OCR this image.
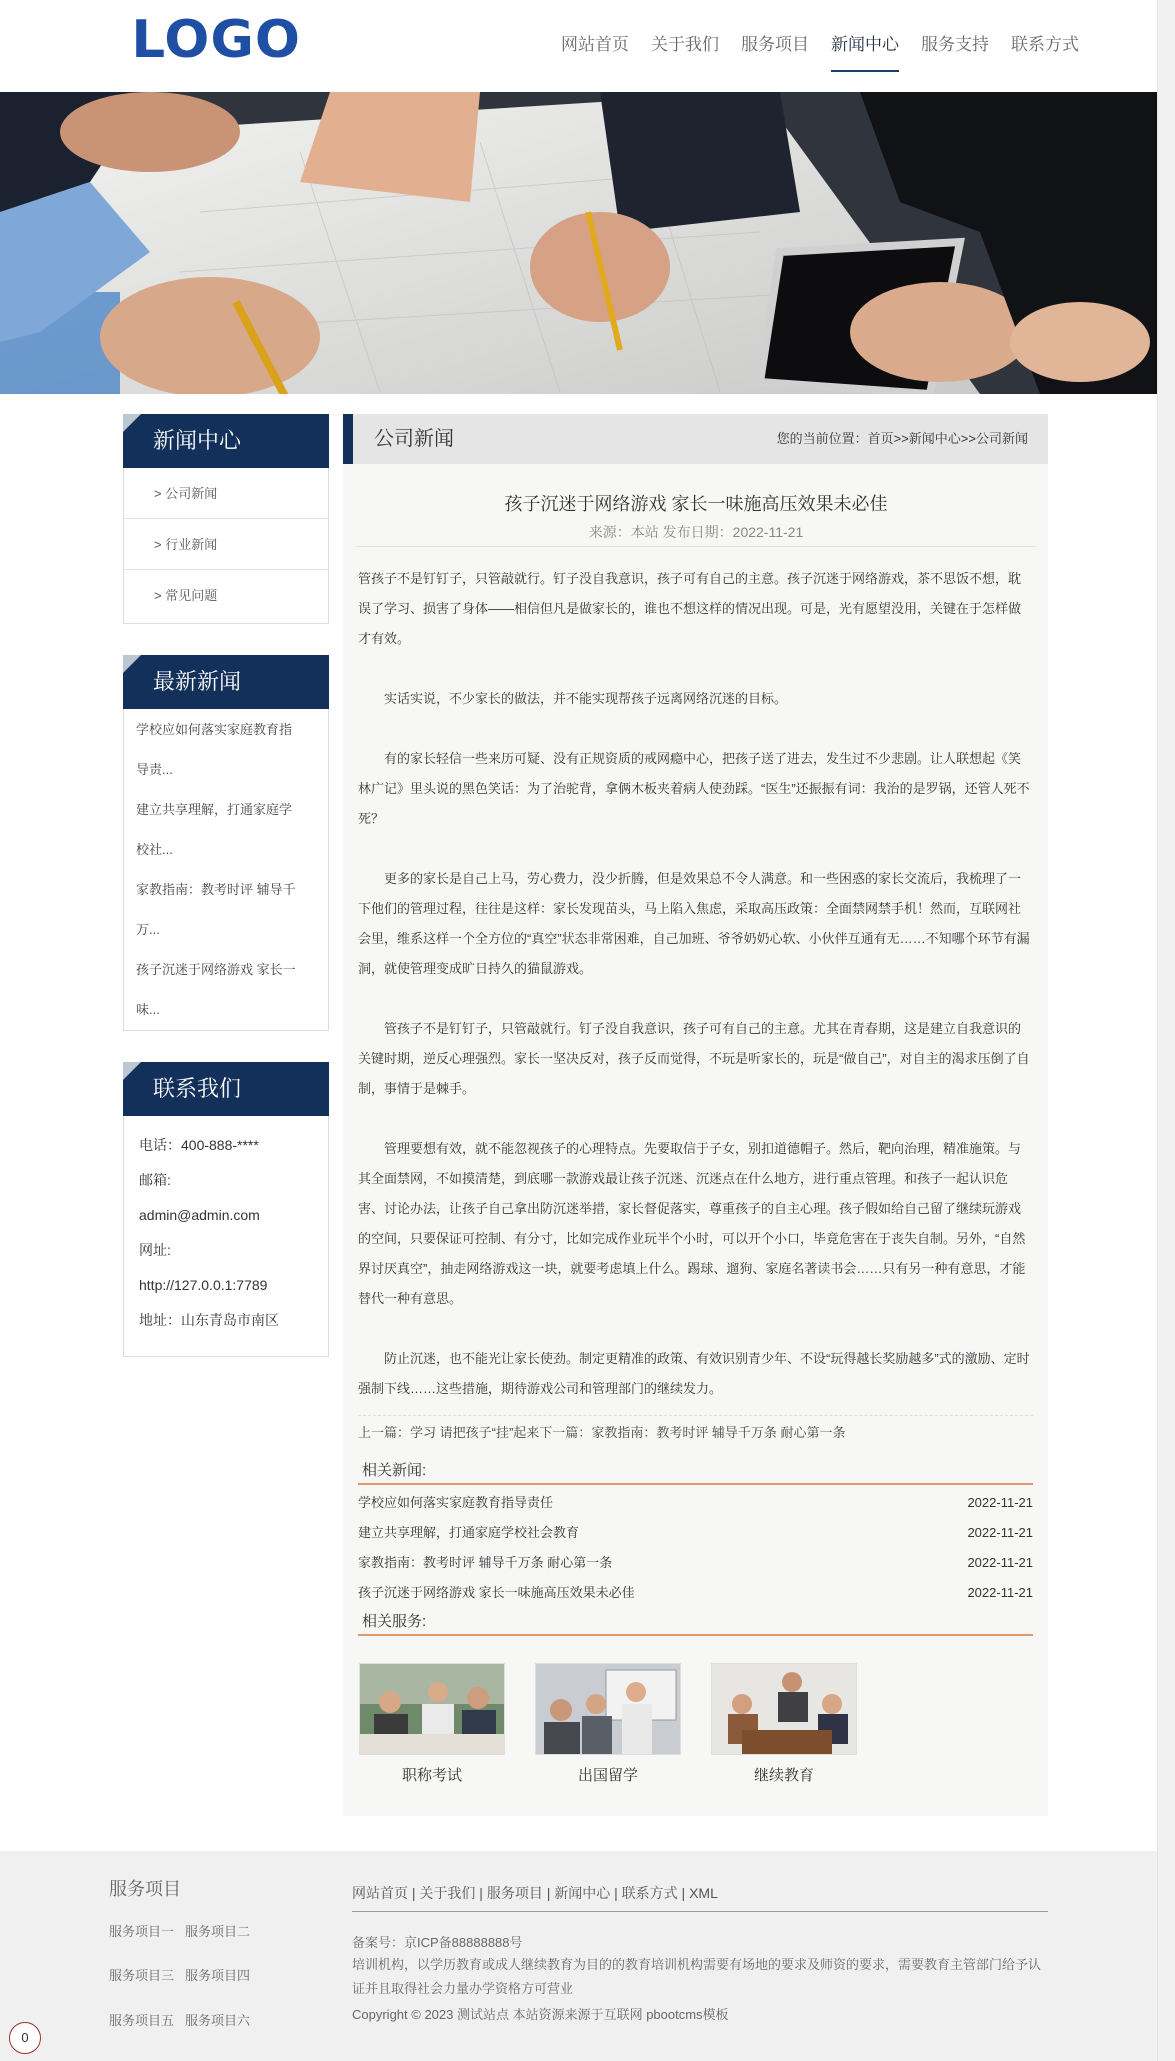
LOGO	网站首页 关于我们 服务项目 新闻中心 服务支持 联系方式
新闻中心
> 公司新闻
> 行业新闻
> 常见问题
最新新闻
学校应如何落实家庭教育指导责...
建立共享理解，打通家庭学校社...
家教指南：教考时评 辅导千万...
孩子沉迷于网络游戏 家长一味...
联系我们
电话：400-888-****
邮箱:
admin@admin.com
网址:
http://127.0.0.1:7789
地址：山东青岛市南区
公司新闻	您的当前位置：首页>>新闻中心>>公司新闻
孩子沉迷于网络游戏 家长一味施高压效果未必佳
来源：本站 发布日期：2022-11-21

管孩子不是钉钉子，只管敲就行。钉子没自我意识，孩子可有自己的主意。孩子沉迷于网络游戏，茶不思饭不想，耽误了学习、损害了身体——相信但凡是做家长的，谁也不想这样的情况出现。可是，光有愿望没用，关键在于怎样做才有效。

　　实话实说，不少家长的做法，并不能实现帮孩子远离网络沉迷的目标。

　　有的家长轻信一些来历可疑、没有正规资质的戒网瘾中心，把孩子送了进去，发生过不少悲剧。让人联想起《笑林广记》里头说的黑色笑话：为了治驼背，拿俩木板夹着病人使劲踩。“医生”还振振有词：我治的是罗锅，还管人死不死？

　　更多的家长是自己上马，劳心费力，没少折腾，但是效果总不令人满意。和一些困惑的家长交流后，我梳理了一下他们的管理过程，往往是这样：家长发现苗头，马上陷入焦虑，采取高压政策：全面禁网禁手机！然而，互联网社会里，维系这样一个全方位的“真空”状态非常困难，自己加班、爷爷奶奶心软、小伙伴互通有无……不知哪个环节有漏洞，就使管理变成旷日持久的猫鼠游戏。

　　管孩子不是钉钉子，只管敲就行。钉子没自我意识，孩子可有自己的主意。尤其在青春期，这是建立自我意识的关键时期，逆反心理强烈。家长一坚决反对，孩子反而觉得，不玩是听家长的，玩是“做自己”，对自主的渴求压倒了自制，事情于是棘手。

　　管理要想有效，就不能忽视孩子的心理特点。先要取信于子女，别扣道德帽子。然后，靶向治理，精准施策。与其全面禁网，不如摸清楚，到底哪一款游戏最让孩子沉迷、沉迷点在什么地方，进行重点管理。和孩子一起认识危害、讨论办法，让孩子自己拿出防沉迷举措，家长督促落实，尊重孩子的自主心理。孩子假如给自己留了继续玩游戏的空间，只要保证可控制、有分寸，比如完成作业玩半个小时，可以开个小口，毕竟危害在于丧失自制。另外，“自然界讨厌真空”，抽走网络游戏这一块，就要考虑填上什么。踢球、遛狗、家庭名著读书会……只有另一种有意思，才能替代一种有意思。

　　防止沉迷，也不能光让家长使劲。制定更精准的政策、有效识别青少年、不设“玩得越长奖励越多”式的激励、定时强制下线……这些措施，期待游戏公司和管理部门的继续发力。

上一篇：学习 请把孩子“挂”起来下一篇：家教指南：教考时评 辅导千万条 耐心第一条
相关新闻:
学校应如何落实家庭教育指导责任	2022-11-21
建立共享理解，打通家庭学校社会教育	2022-11-21
家教指南：教考时评 辅导千万条 耐心第一条	2022-11-21
孩子沉迷于网络游戏 家长一味施高压效果未必佳	2022-11-21
相关服务:
职称考试	出国留学	继续教育
服务项目
服务项目一 服务项目二
服务项目三 服务项目四
服务项目五 服务项目六
网站首页 | 关于我们 | 服务项目 | 新闻中心 | 联系方式 | XML
备案号：京ICP备88888888号
培训机构，以学历教育或成人继续教育为目的的教育培训机构需要有场地的要求及师资的要求，需要教育主管部门给予认证并且取得社会力量办学资格方可营业
Copyright © 2023 测试站点 本站资源来源于互联网 pbootcms模板
0
